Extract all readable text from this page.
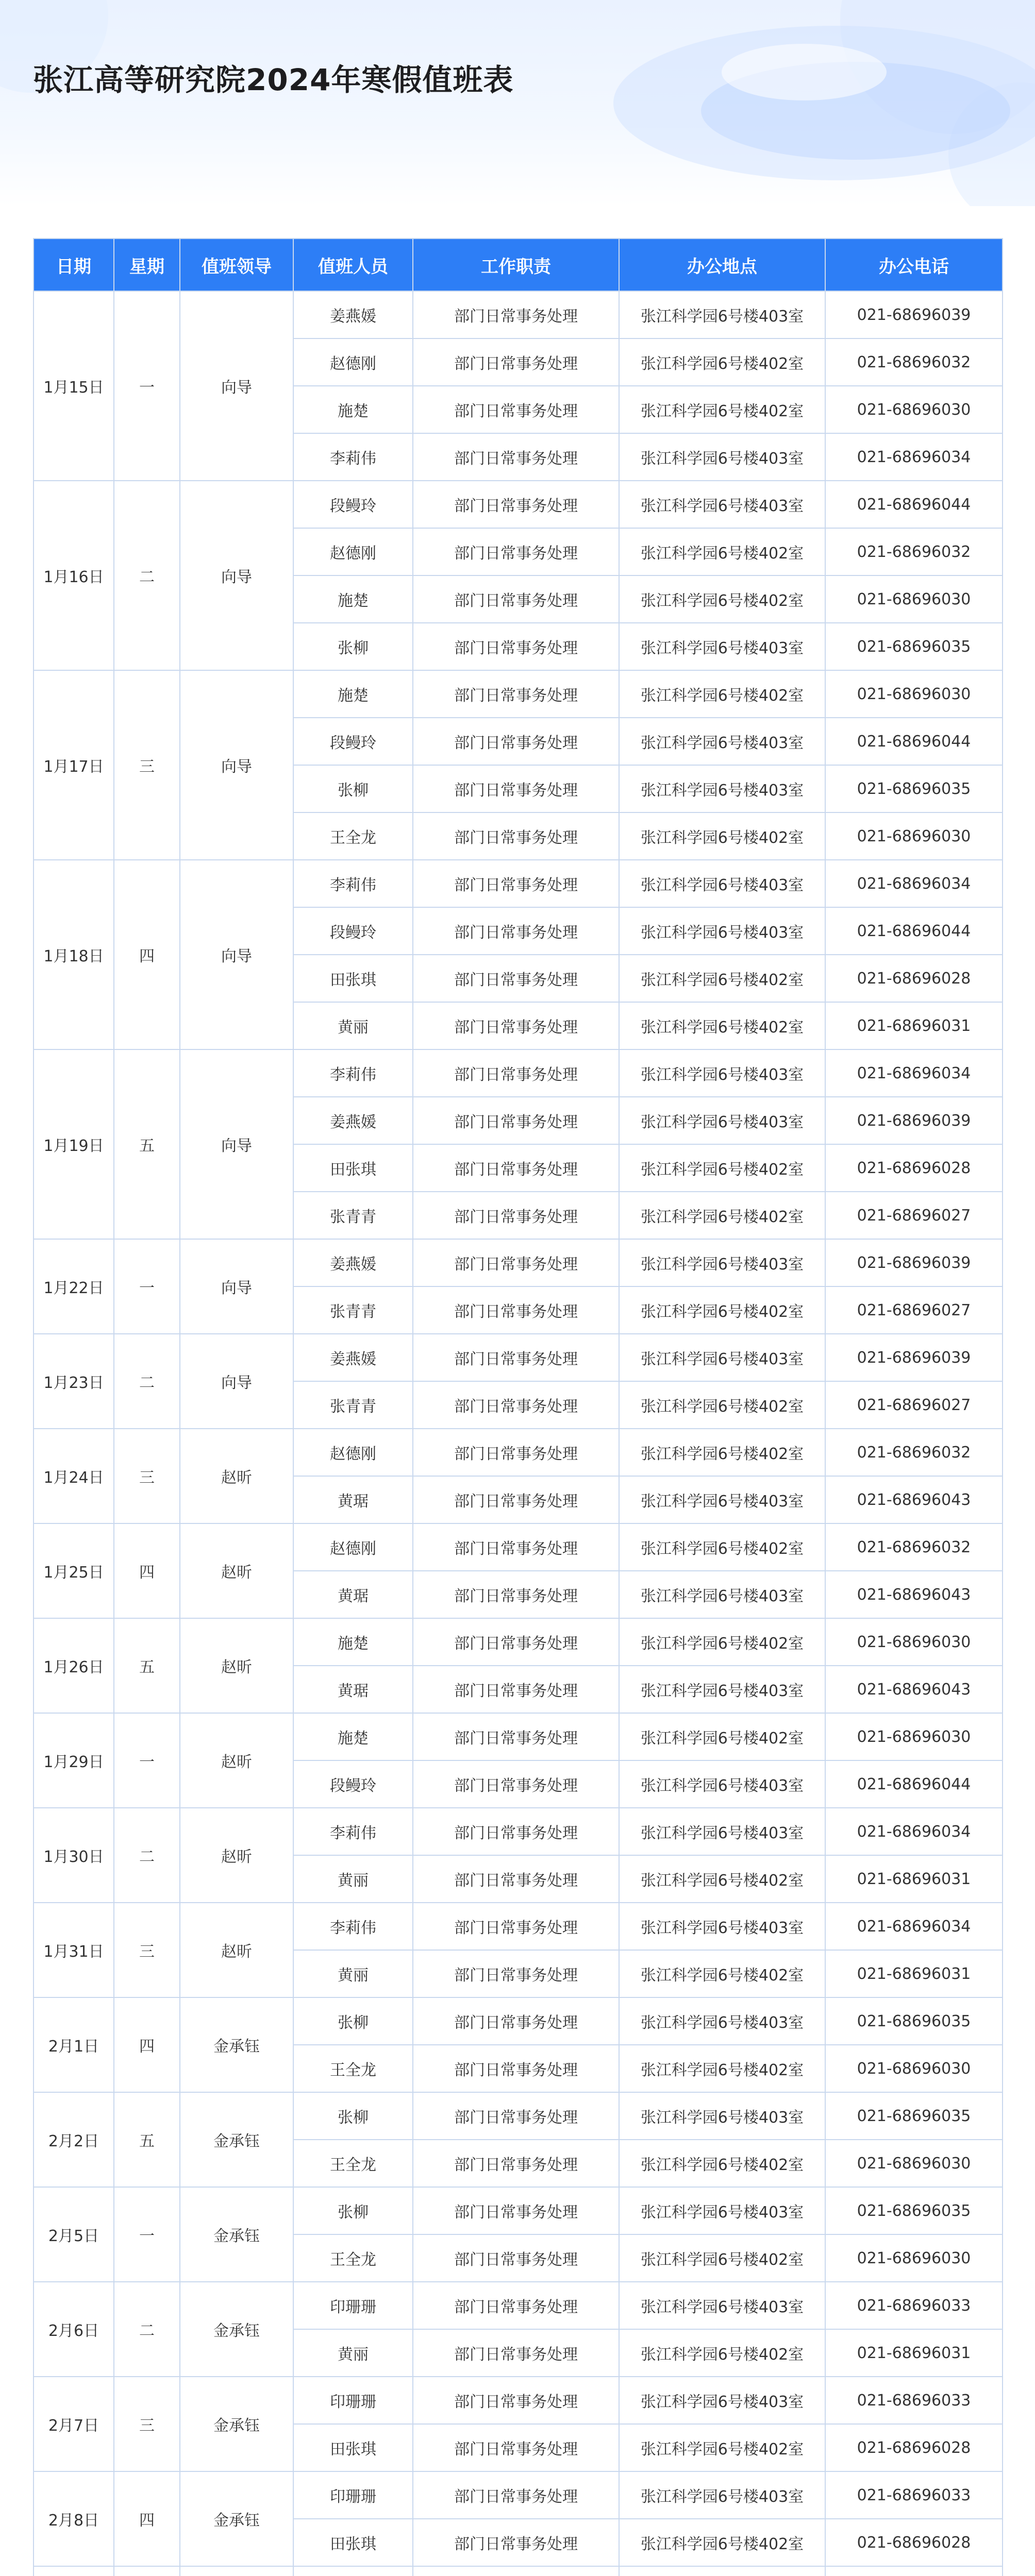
张江高等研究院2024年寒假值班表
日期	星期	值班领导	值班人员	工作职责	办公地点	办公电话
1月15日	一	向导	姜燕媛	部门日常事务处理	张江科学园6号楼403室	021-68696039
			赵德刚	部门日常事务处理	张江科学园6号楼402室	021-68696032
			施楚	部门日常事务处理	张江科学园6号楼402室	021-68696030
			李莉伟	部门日常事务处理	张江科学园6号楼403室	021-68696034
1月16日	二	向导	段鳗玲	部门日常事务处理	张江科学园6号楼403室	021-68696044
			赵德刚	部门日常事务处理	张江科学园6号楼402室	021-68696032
			施楚	部门日常事务处理	张江科学园6号楼402室	021-68696030
			张柳	部门日常事务处理	张江科学园6号楼403室	021-68696035
1月17日	三	向导	施楚	部门日常事务处理	张江科学园6号楼402室	021-68696030
			段鳗玲	部门日常事务处理	张江科学园6号楼403室	021-68696044
			张柳	部门日常事务处理	张江科学园6号楼403室	021-68696035
			王全龙	部门日常事务处理	张江科学园6号楼402室	021-68696030
1月18日	四	向导	李莉伟	部门日常事务处理	张江科学园6号楼403室	021-68696034
			段鳗玲	部门日常事务处理	张江科学园6号楼403室	021-68696044
			田张琪	部门日常事务处理	张江科学园6号楼402室	021-68696028
			黄丽	部门日常事务处理	张江科学园6号楼402室	021-68696031
1月19日	五	向导	李莉伟	部门日常事务处理	张江科学园6号楼403室	021-68696034
			姜燕媛	部门日常事务处理	张江科学园6号楼403室	021-68696039
			田张琪	部门日常事务处理	张江科学园6号楼402室	021-68696028
			张青青	部门日常事务处理	张江科学园6号楼402室	021-68696027
1月22日	一	向导	姜燕媛	部门日常事务处理	张江科学园6号楼403室	021-68696039
			张青青	部门日常事务处理	张江科学园6号楼402室	021-68696027
1月23日	二	向导	姜燕媛	部门日常事务处理	张江科学园6号楼403室	021-68696039
			张青青	部门日常事务处理	张江科学园6号楼402室	021-68696027
1月24日	三	赵昕	赵德刚	部门日常事务处理	张江科学园6号楼402室	021-68696032
			黄琚	部门日常事务处理	张江科学园6号楼403室	021-68696043
1月25日	四	赵昕	赵德刚	部门日常事务处理	张江科学园6号楼402室	021-68696032
			黄琚	部门日常事务处理	张江科学园6号楼403室	021-68696043
1月26日	五	赵昕	施楚	部门日常事务处理	张江科学园6号楼402室	021-68696030
			黄琚	部门日常事务处理	张江科学园6号楼403室	021-68696043
1月29日	一	赵昕	施楚	部门日常事务处理	张江科学园6号楼402室	021-68696030
			段鳗玲	部门日常事务处理	张江科学园6号楼403室	021-68696044
1月30日	二	赵昕	李莉伟	部门日常事务处理	张江科学园6号楼403室	021-68696034
			黄丽	部门日常事务处理	张江科学园6号楼402室	021-68696031
1月31日	三	赵昕	李莉伟	部门日常事务处理	张江科学园6号楼403室	021-68696034
			黄丽	部门日常事务处理	张江科学园6号楼402室	021-68696031
2月1日	四	金承钰	张柳	部门日常事务处理	张江科学园6号楼403室	021-68696035
			王全龙	部门日常事务处理	张江科学园6号楼402室	021-68696030
2月2日	五	金承钰	张柳	部门日常事务处理	张江科学园6号楼403室	021-68696035
			王全龙	部门日常事务处理	张江科学园6号楼402室	021-68696030
2月5日	一	金承钰	张柳	部门日常事务处理	张江科学园6号楼403室	021-68696035
			王全龙	部门日常事务处理	张江科学园6号楼402室	021-68696030
2月6日	二	金承钰	印珊珊	部门日常事务处理	张江科学园6号楼403室	021-68696033
			黄丽	部门日常事务处理	张江科学园6号楼402室	021-68696031
2月7日	三	金承钰	印珊珊	部门日常事务处理	张江科学园6号楼403室	021-68696033
			田张琪	部门日常事务处理	张江科学园6号楼402室	021-68696028
2月8日	四	金承钰	印珊珊	部门日常事务处理	张江科学园6号楼403室	021-68696033
			田张琪	部门日常事务处理	张江科学园6号楼402室	021-68696028
